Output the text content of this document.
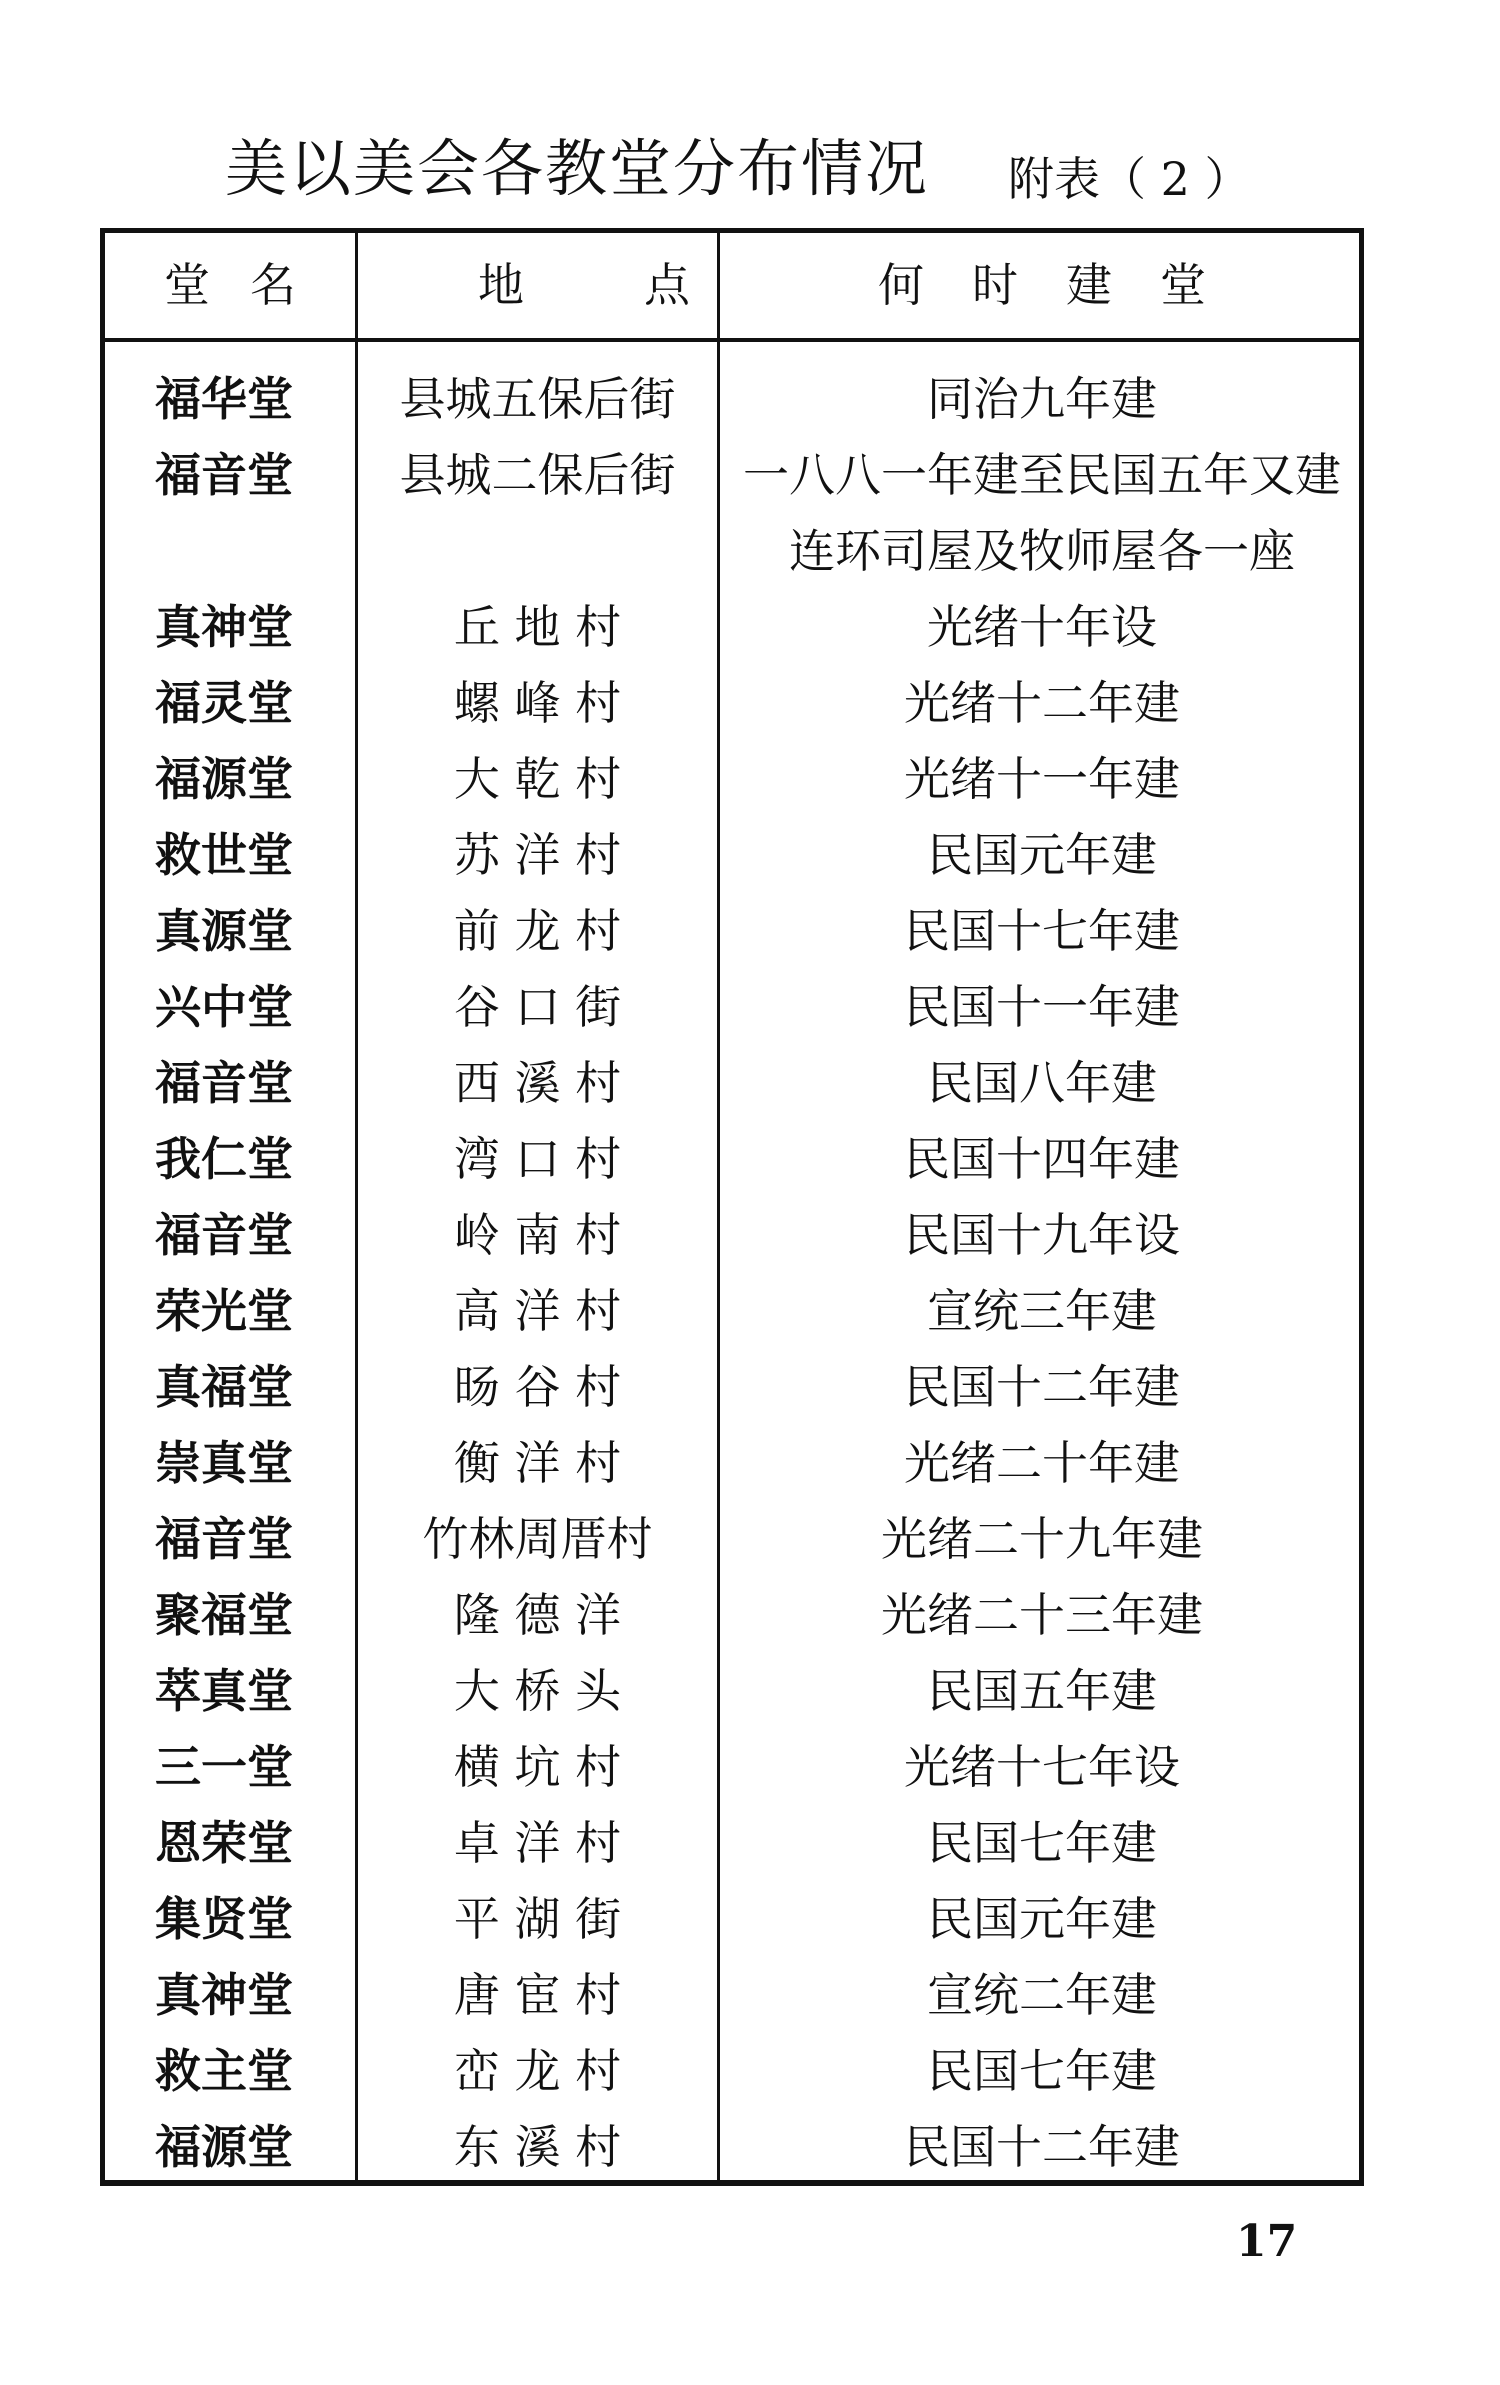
美以美会各教堂分布情况 附表（ 2 ）
堂名	地点	何时建堂
福华堂	县城五保后街	同治九年建
福音堂	县城二保后街	一八八一年建至民国五年又建连环司屋及牧师屋各一座
真神堂	丘 地 村	光绪十年设
福灵堂	螺 峰 村	光绪十二年建
福源堂	大 乾 村	光绪十一年建
救世堂	苏 洋 村	民国元年建
真源堂	前 龙 村	民国十七年建
兴中堂	谷 口 街	民国十一年建
福音堂	西 溪 村	民国八年建
我仁堂	湾 口 村	民国十四年建
福音堂	岭 南 村	民国十九年设
荣光堂	高 洋 村	宣统三年建
真福堂	旸 谷 村	民国十二年建
崇真堂	衡 洋 村	光绪二十年建
福音堂	竹林周厝村	光绪二十九年建
聚福堂	隆 德 洋	光绪二十三年建
萃真堂	大 桥 头	民国五年建
三一堂	横 坑 村	光绪十七年设
恩荣堂	卓 洋 村	民国七年建
集贤堂	平 湖 街	民国元年建
真神堂	唐 宦 村	宣统二年建
救主堂	峦 龙 村	民国七年建
福源堂	东 溪 村	民国十二年建
17
